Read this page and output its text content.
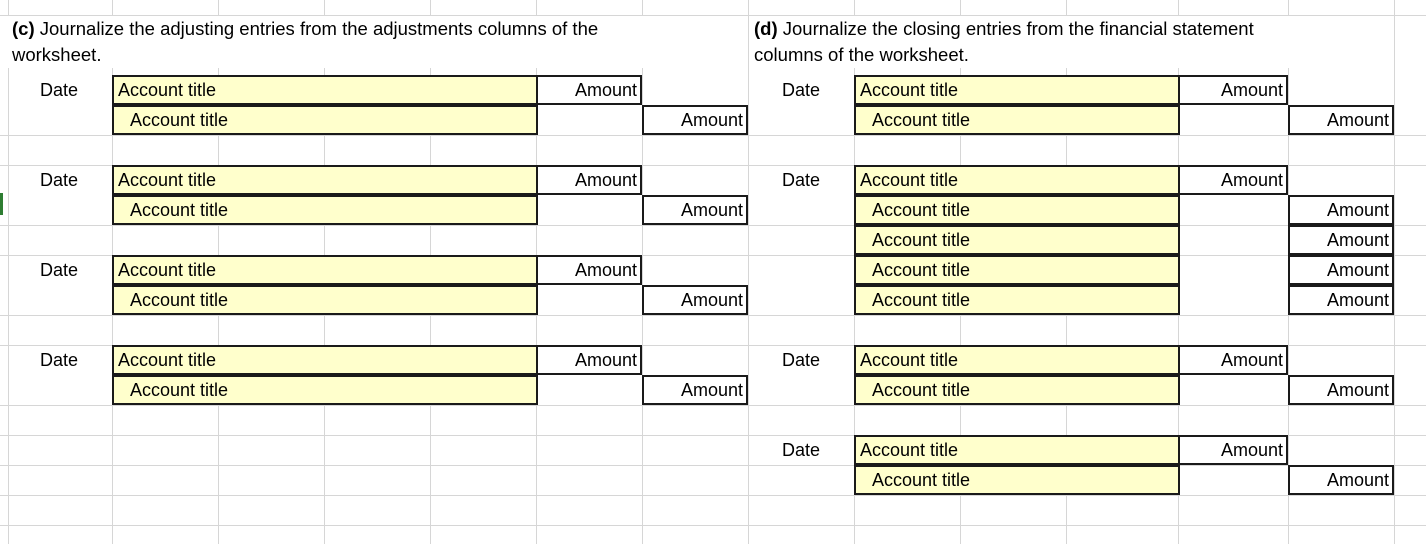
(c) Journalize the adjusting entries from the adjustments columns of the
worksheet.
(d) Journalize the closing entries from the financial statement
columns of the worksheet.
Date	Account title	Amount
Account title	Amount
Date	Account title	Amount
Account title	Amount
Date	Account title	Amount
Account title	Amount
Date	Account title	Amount
Account title	Amount
Date	Account title	Amount
Account title	Amount
Date	Account title	Amount
Account title	Amount
Account title	Amount
Account title	Amount
Account title	Amount
Date	Account title	Amount
Account title	Amount
Date	Account title	Amount
Account title	Amount
